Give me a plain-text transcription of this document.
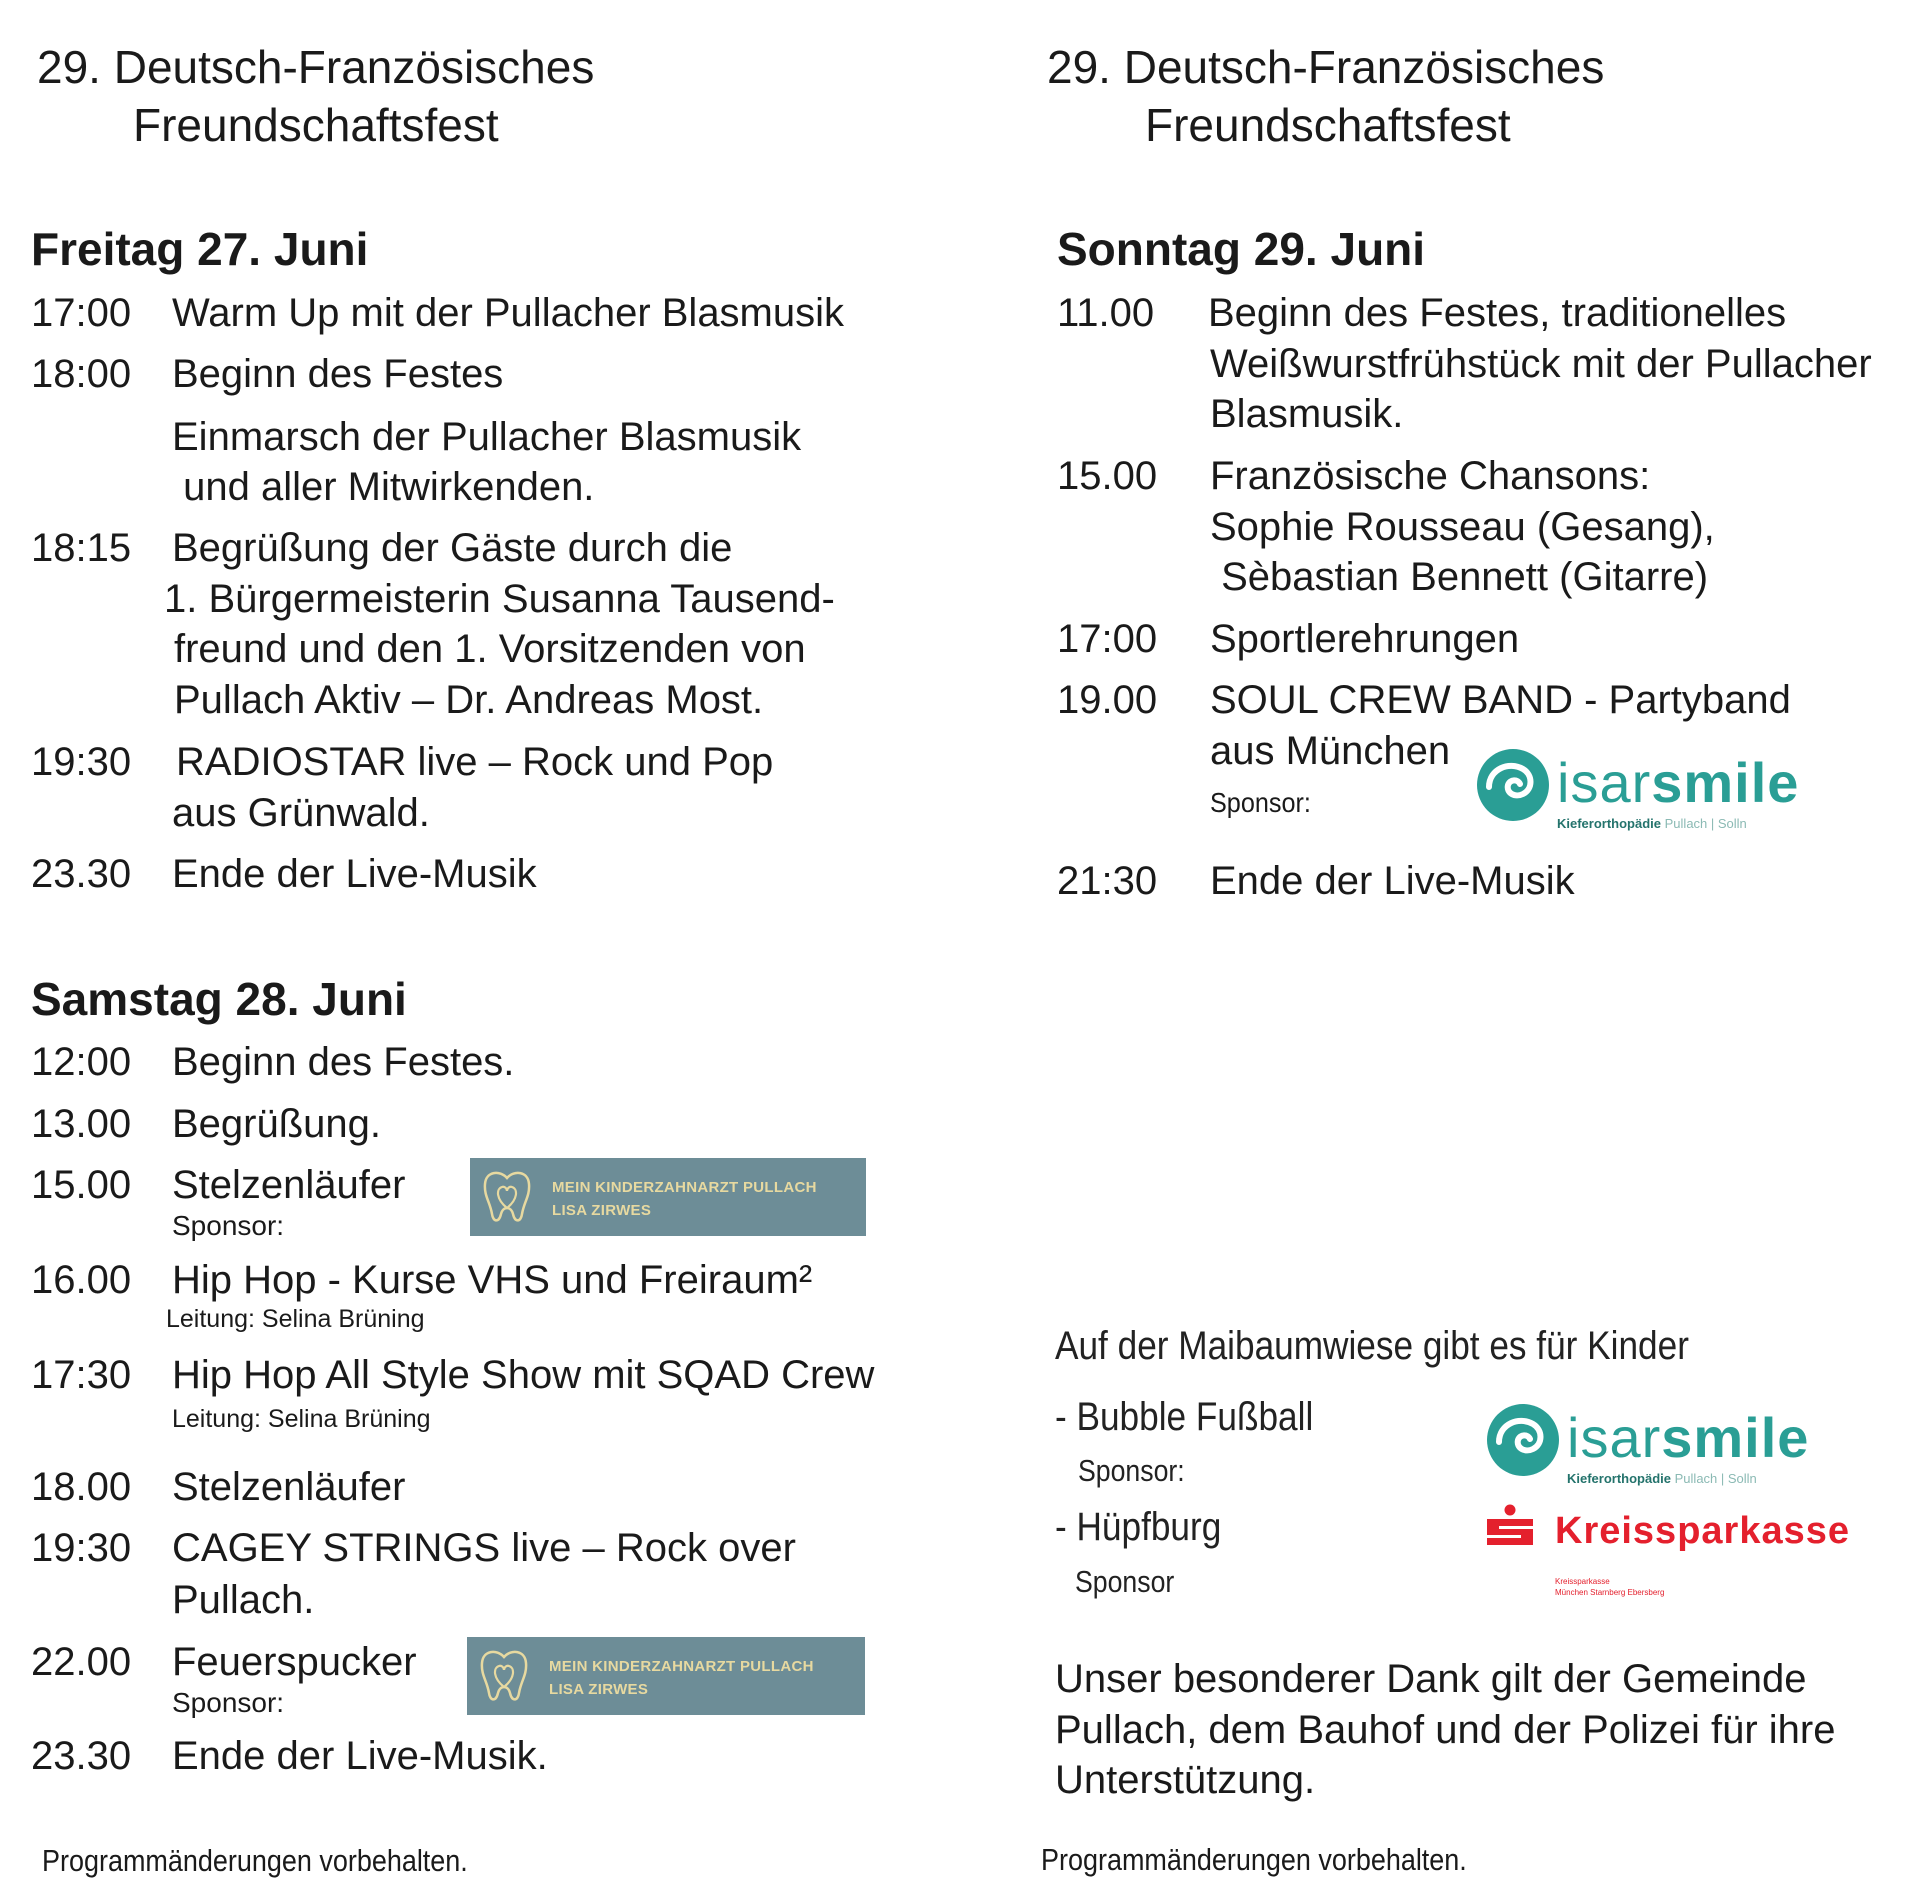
29. Deutsch-Französisches
Freundschaftsfest
Freitag 27. Juni
17:00 Warm Up mit der Pullacher Blasmusik
18:00 Beginn des Festes
Einmarsch der Pullacher Blasmusik
und aller Mitwirkenden.
18:15 Begrüßung der Gäste durch die
1. Bürgermeisterin Susanna Tausend-
freund und den 1. Vorsitzenden von
Pullach Aktiv – Dr. Andreas Most.
19:30 RADIOSTAR live – Rock und Pop
aus Grünwald.
23.30 Ende der Live-Musik
Samstag 28. Juni
12:00 Beginn des Festes.
13.00 Begrüßung.
15.00 Stelzenläufer
Sponsor:
MEIN KINDERZAHNARZT PULLACH
LISA ZIRWES
16.00 Hip Hop - Kurse VHS und Freiraum²
Leitung: Selina Brüning
17:30 Hip Hop All Style Show mit SQAD Crew
Leitung: Selina Brüning
18.00 Stelzenläufer
19:30 CAGEY STRINGS live – Rock over
Pullach.
22.00 Feuerspucker
Sponsor:
MEIN KINDERZAHNARZT PULLACH
LISA ZIRWES
23.30 Ende der Live-Musik.
Programmänderungen vorbehalten.
29. Deutsch-Französisches
Freundschaftsfest
Sonntag 29. Juni
11.00 Beginn des Festes, traditionelles
Weißwurstfrühstück mit der Pullacher
Blasmusik.
15.00 Französische Chansons:
Sophie Rousseau (Gesang),
Sèbastian Bennett (Gitarre)
17:00 Sportlerehrungen
19.00 SOUL CREW BAND - Partyband
aus München
Sponsor:	isarsmile
Kieferorthopädie Pullach | Solln
21:30 Ende der Live-Musik
Auf der Maibaumwiese gibt es für Kinder
- Bubble Fußball
Sponsor:
- Hüpfburg
Sponsor
isarsmile
Kieferorthopädie Pullach | Solln
Kreissparkasse
Kreissparkasse
München Starnberg Ebersberg
Unser besonderer Dank gilt der Gemeinde
Pullach, dem Bauhof und der Polizei für ihre
Unterstützung.
Programmänderungen vorbehalten.
